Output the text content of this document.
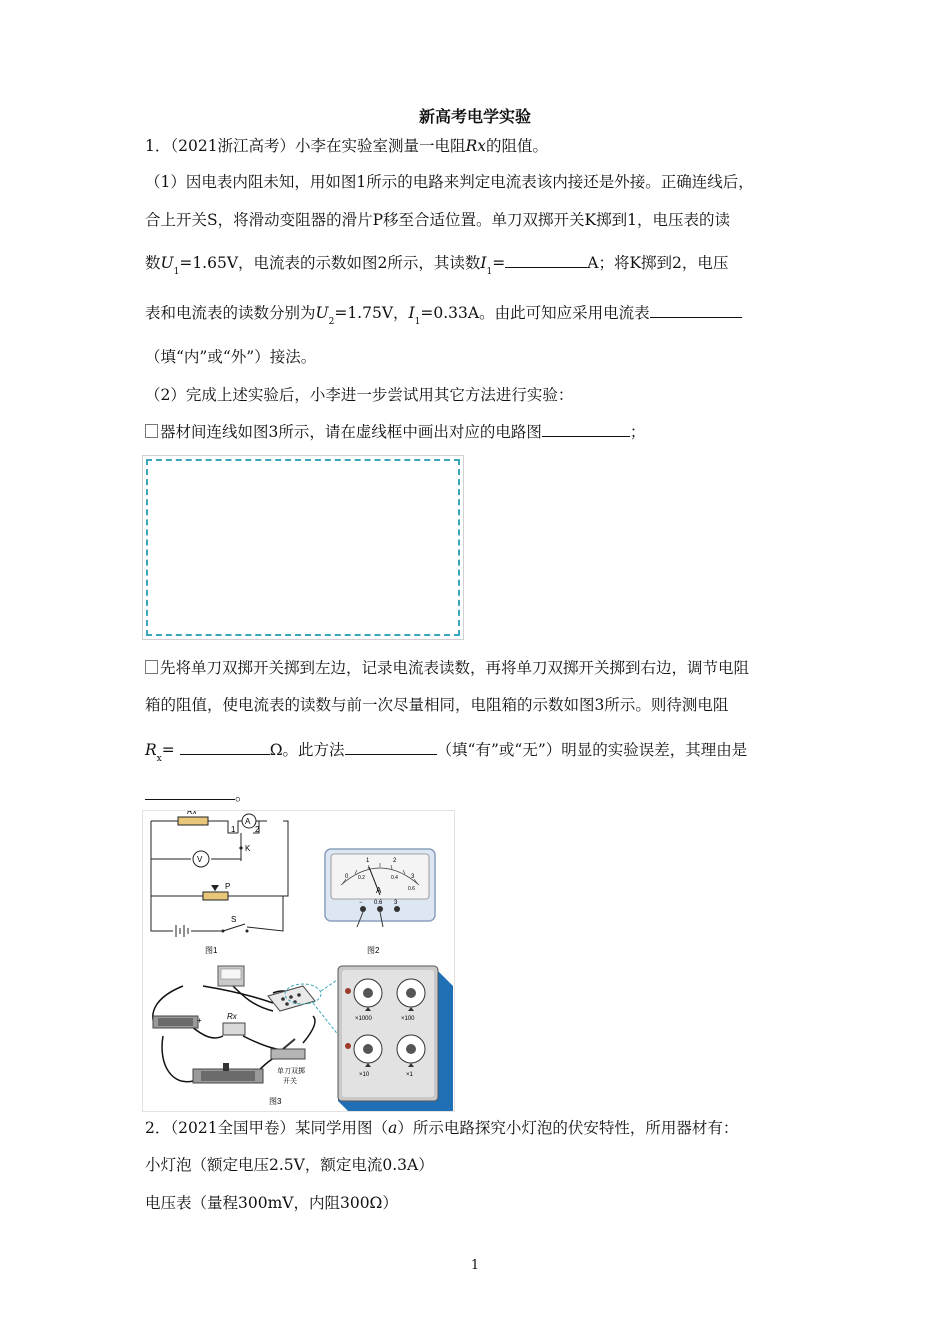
新高考电学实验
1．（2021浙江高考）小李在实验室测量一电阻Rx的阻值。
（1）因电表内阻未知，用如图1所示的电路来判定电流表该内接还是外接。正确连线后，
合上开关S，将滑动变阻器的滑片P移至合适位置。单刀双掷开关K掷到1，电压表的读
数$U_1=1.65V$，电流表的示数如图2所示，其读数$I_1=$	A；将K掷到2，电压
表和电流表的读数分别为$U_2=1.75V$，$I_1=0.33A$。由此可知应采用电流表
（填“内”或“外”）接法。
（2）完成上述实验后，小李进一步尝试用其它方法进行实验：
器材间连线如图3所示，请在虚线框中画出对应的电路图	；
先将单刀双掷开关掷到左边，记录电流表读数，再将单刀双掷开关掷到右边，调节电阻
箱的阻值，使电流表的读数与前一次尽量相同，电阻箱的示数如图3所示。则待测电阻
$R_x=$	Ω。此方法	（填“有”或“无”）明显的实验误差，其理由是
。
Rx
A
1 2
K
V
P
S
图1
0
1	2
3
0.2	0.4
0.6
A
− 0.6 3
图2
+	Rx	×1000	×100
×10	×1
单刀双掷
开关
图3
2．（2021全国甲卷）某同学用图（a）所示电路探究小灯泡的伏安特性，所用器材有：
小灯泡（额定电压2.5V，额定电流0.3A）
电压表（量程300mV，内阻300Ω）
1
